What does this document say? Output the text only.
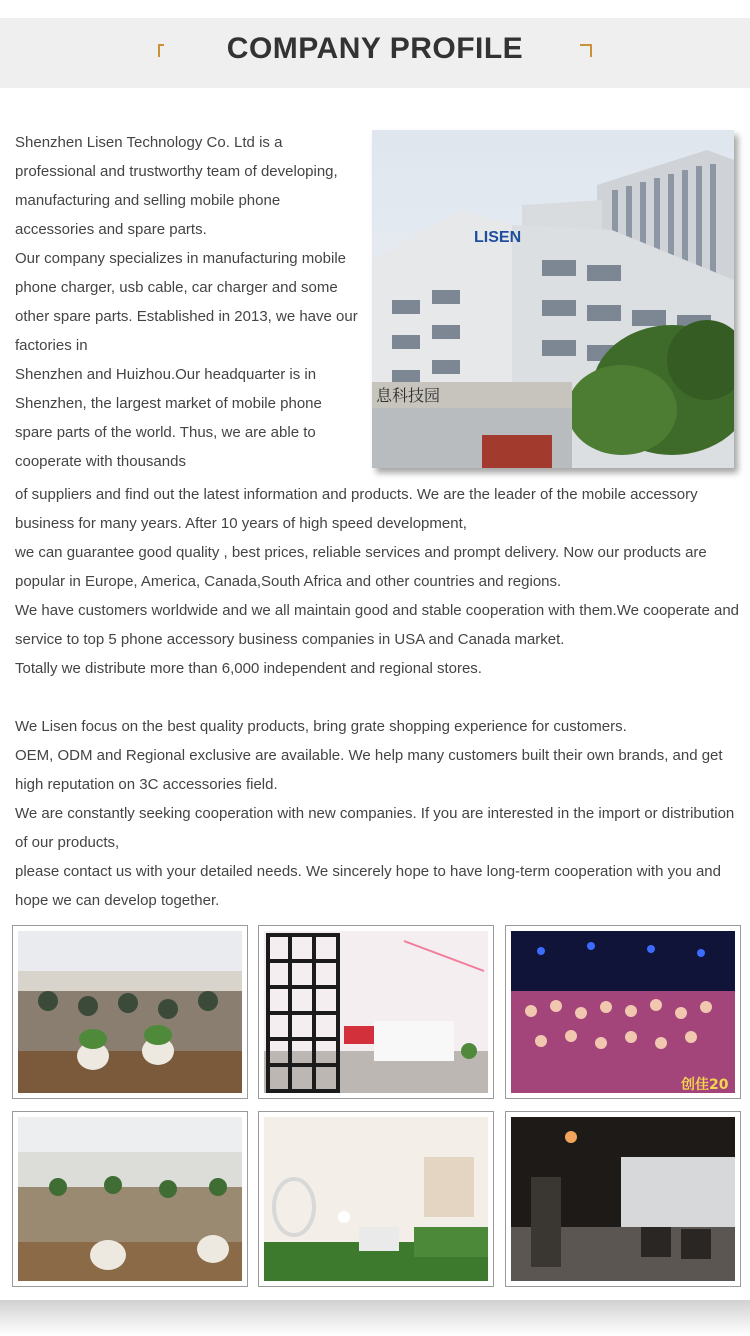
COMPANY PROFILE

Shenzhen Lisen Technology Co. Ltd is a professional and trustworthy team of developing, manufacturing and selling mobile phone accessories and spare parts.

Our company specializes in manufacturing mobile phone charger, usb cable, car charger and some other spare parts. Established in 2013, we have our factories in

Shenzhen and Huizhou.Our headquarter is in Shenzhen, the largest market of mobile phone spare parts of the world. Thus, we are able to cooperate with thousands

LISEN
息科技园

of suppliers and find out the latest information and products. We are the leader of the mobile accessory business for many years. After 10 years of high speed development,

we can guarantee good quality , best prices, reliable services and prompt delivery. Now our products are popular in Europe, America, Canada,South Africa and other countries and regions.

We have customers worldwide and we all maintain good and stable cooperation with them.We cooperate and service to top 5 phone accessory business companies in USA and Canada market.

Totally we distribute more than 6,000 independent and regional stores.

We Lisen focus on the best quality products, bring grate shopping experience for customers.

OEM, ODM and Regional exclusive are available. We help many customers built their own brands, and get high reputation on 3C accessories field.

We are constantly seeking cooperation with new companies. If you are interested in the import or distribution of our products,

please contact us with your detailed needs. We sincerely hope to have long-term cooperation with you and hope we can develop together.

创佳20
